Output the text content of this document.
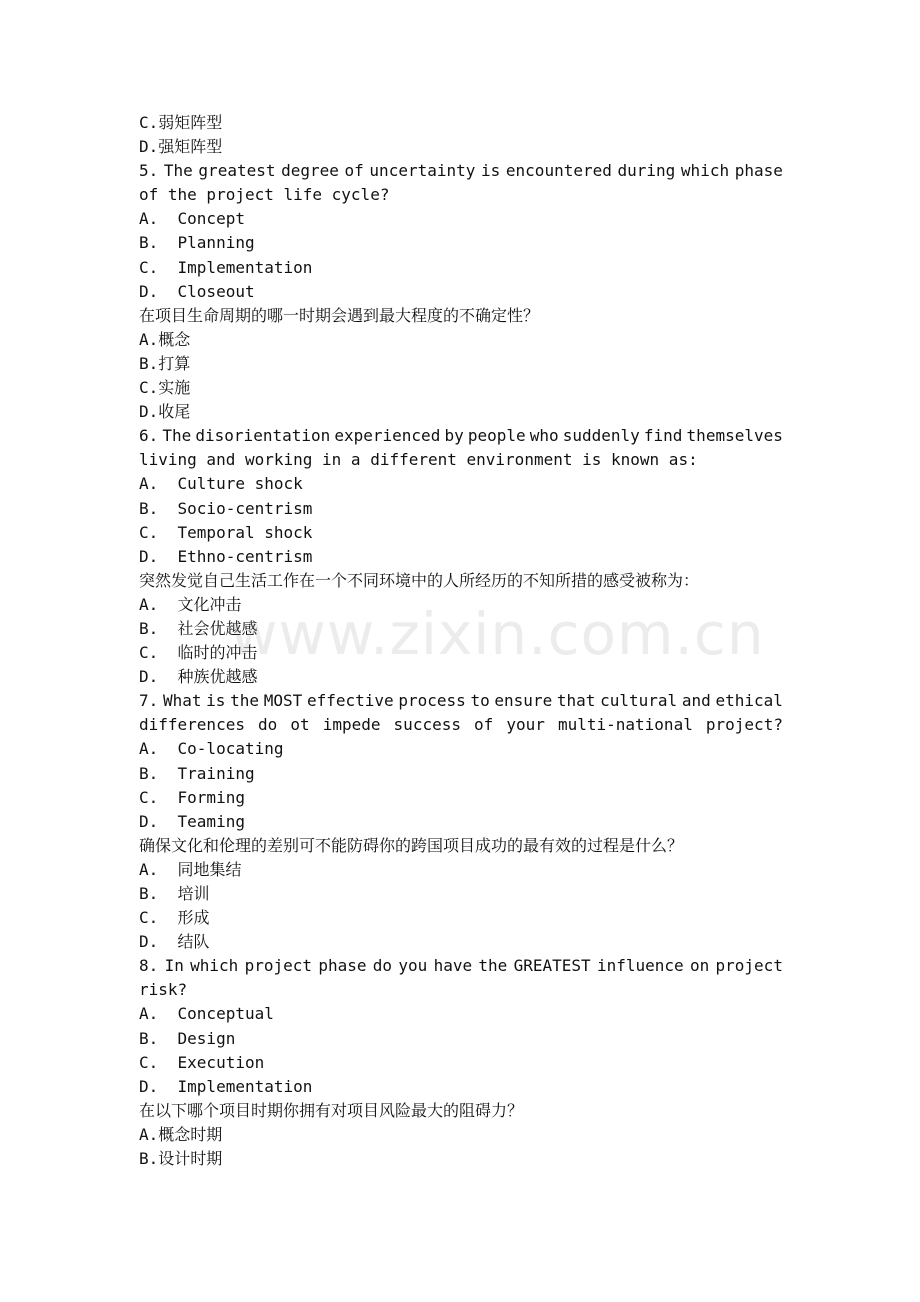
C.弱矩阵型
D.强矩阵型
5. The greatest degree of uncertainty is encountered during which phase
of the project life cycle?
A.  Concept
B.  Planning
C.  Implementation
D.  Closeout
在项目生命周期的哪一时期会遇到最大程度的不确定性？
A.概念
B.打算
C.实施
D.收尾
6. The disorientation experienced by people who suddenly find themselves
living and working in a different environment is known as:
A.  Culture shock
B.  Socio-centrism
C.  Temporal shock
D.  Ethno-centrism
突然发觉自己生活工作在一个不同环境中的人所经历的不知所措的感受被称为：
A.  文化冲击
B.  社会优越感
C.  临时的冲击
D.  种族优越感
7. What is the MOST effective process to ensure that cultural and ethical
differences do ot impede success of your multi-national project?
A.  Co-locating
B.  Training
C.  Forming
D.  Teaming
确保文化和伦理的差别可不能防碍你的跨国项目成功的最有效的过程是什么？
A.  同地集结
B.  培训
C.  形成
D.  结队
8. In which project phase do you have the GREATEST influence on project
risk?
A.  Conceptual
B.  Design
C.  Execution
D.  Implementation
在以下哪个项目时期你拥有对项目风险最大的阻碍力？
A.概念时期
B.设计时期
www.zixin.com.cn
